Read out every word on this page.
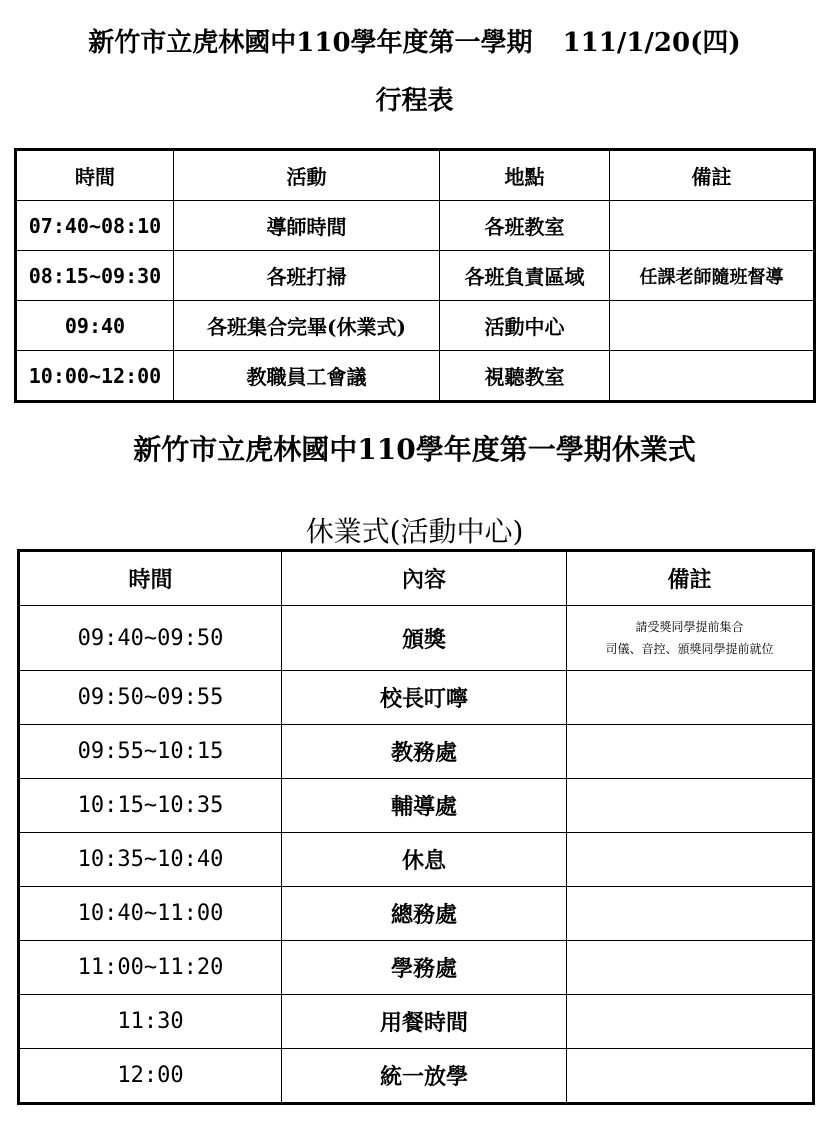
新竹市立虎林國中110學年度第一學期 111/1/20(四)
行程表
時間	活動	地點	備註
07:40~08:10	導師時間	各班教室	
08:15~09:30	各班打掃	各班負責區域	任課老師隨班督導
09:40	各班集合完畢(休業式)	活動中心	
10:00~12:00	教職員工會議	視聽教室	
新竹市立虎林國中110學年度第一學期休業式
休業式(活動中心)
時間	內容	備註
09:40~09:50	頒獎	請受獎同學提前集合
司儀、音控、頒獎同學提前就位

09:50~09:55	校長叮嚀	
09:55~10:15	教務處	
10:15~10:35	輔導處	
10:35~10:40	休息	
10:40~11:00	總務處	
11:00~11:20	學務處	
11:30	用餐時間	
12:00	統一放學	
